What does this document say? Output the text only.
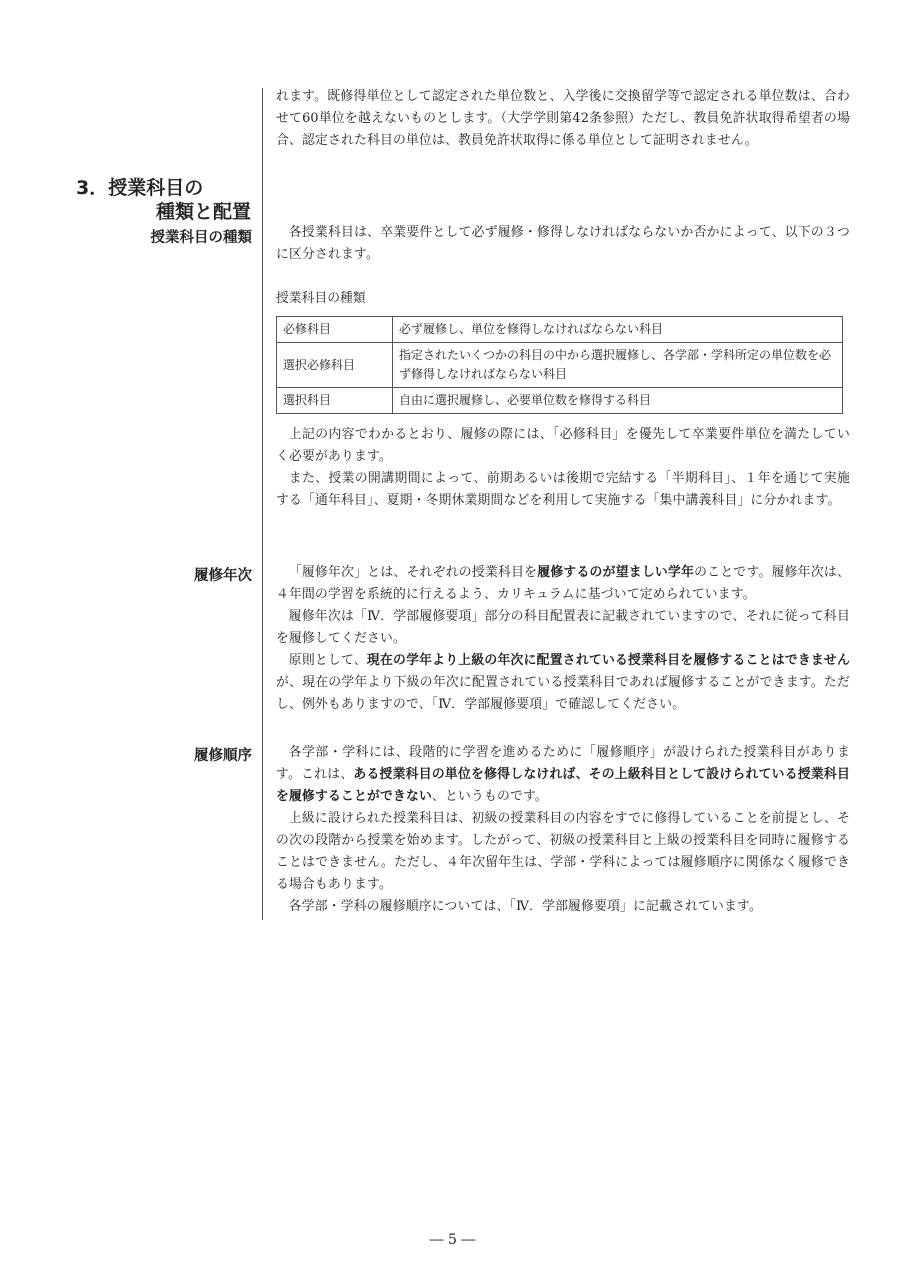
れます。既修得単位として認定された単位数と、入学後に交換留学等で認定される単位数は、合わせて60単位を越えないものとします。（大学学則第42条参照）ただし、教員免許状取得希望者の場合、認定された科目の単位は、教員免許状取得に係る単位として証明されません。

3．授業科目の
種類と配置
授業科目の種類	各授業科目は、卒業要件として必ず履修・修得しなければならないか否かによって、以下の３つに区分されます。

授業科目の種類
必修科目	必ず履修し、単位を修得しなければならない科目
選択必修科目	指定されたいくつかの科目の中から選択履修し、各学部・学科所定の単位数を必ず修得しなければならない科目
選択科目	自由に選択履修し、必要単位数を修得する科目

上記の内容でわかるとおり、履修の際には、「必修科目」を優先して卒業要件単位を満たしていく必要があります。

また、授業の開講期間によって、前期あるいは後期で完結する「半期科目」、１年を通じて実施する「通年科目」、夏期・冬期休業期間などを利用して実施する「集中講義科目」に分かれます。

履修年次	「履修年次」とは、それぞれの授業科目を履修するのが望ましい学年のことです。履修年次は、４年間の学習を系統的に行えるよう、カリキュラムに基づいて定められています。

履修年次は「Ⅳ．学部履修要項」部分の科目配置表に記載されていますので、それに従って科目を履修してください。

原則として、現在の学年より上級の年次に配置されている授業科目を履修することはできませんが、現在の学年より下級の年次に配置されている授業科目であれば履修することができます。ただし、例外もありますので、「Ⅳ．学部履修要項」で確認してください。

履修順序	各学部・学科には、段階的に学習を進めるために「履修順序」が設けられた授業科目があります。これは、ある授業科目の単位を修得しなければ、その上級科目として設けられている授業科目を履修することができない、というものです。

上級に設けられた授業科目は、初級の授業科目の内容をすでに修得していることを前提とし、その次の段階から授業を始めます。したがって、初級の授業科目と上級の授業科目を同時に履修することはできません。ただし、４年次留年生は、学部・学科によっては履修順序に関係なく履修できる場合もあります。

各学部・学科の履修順序については、「Ⅳ．学部履修要項」に記載されています。

― 5 ―
